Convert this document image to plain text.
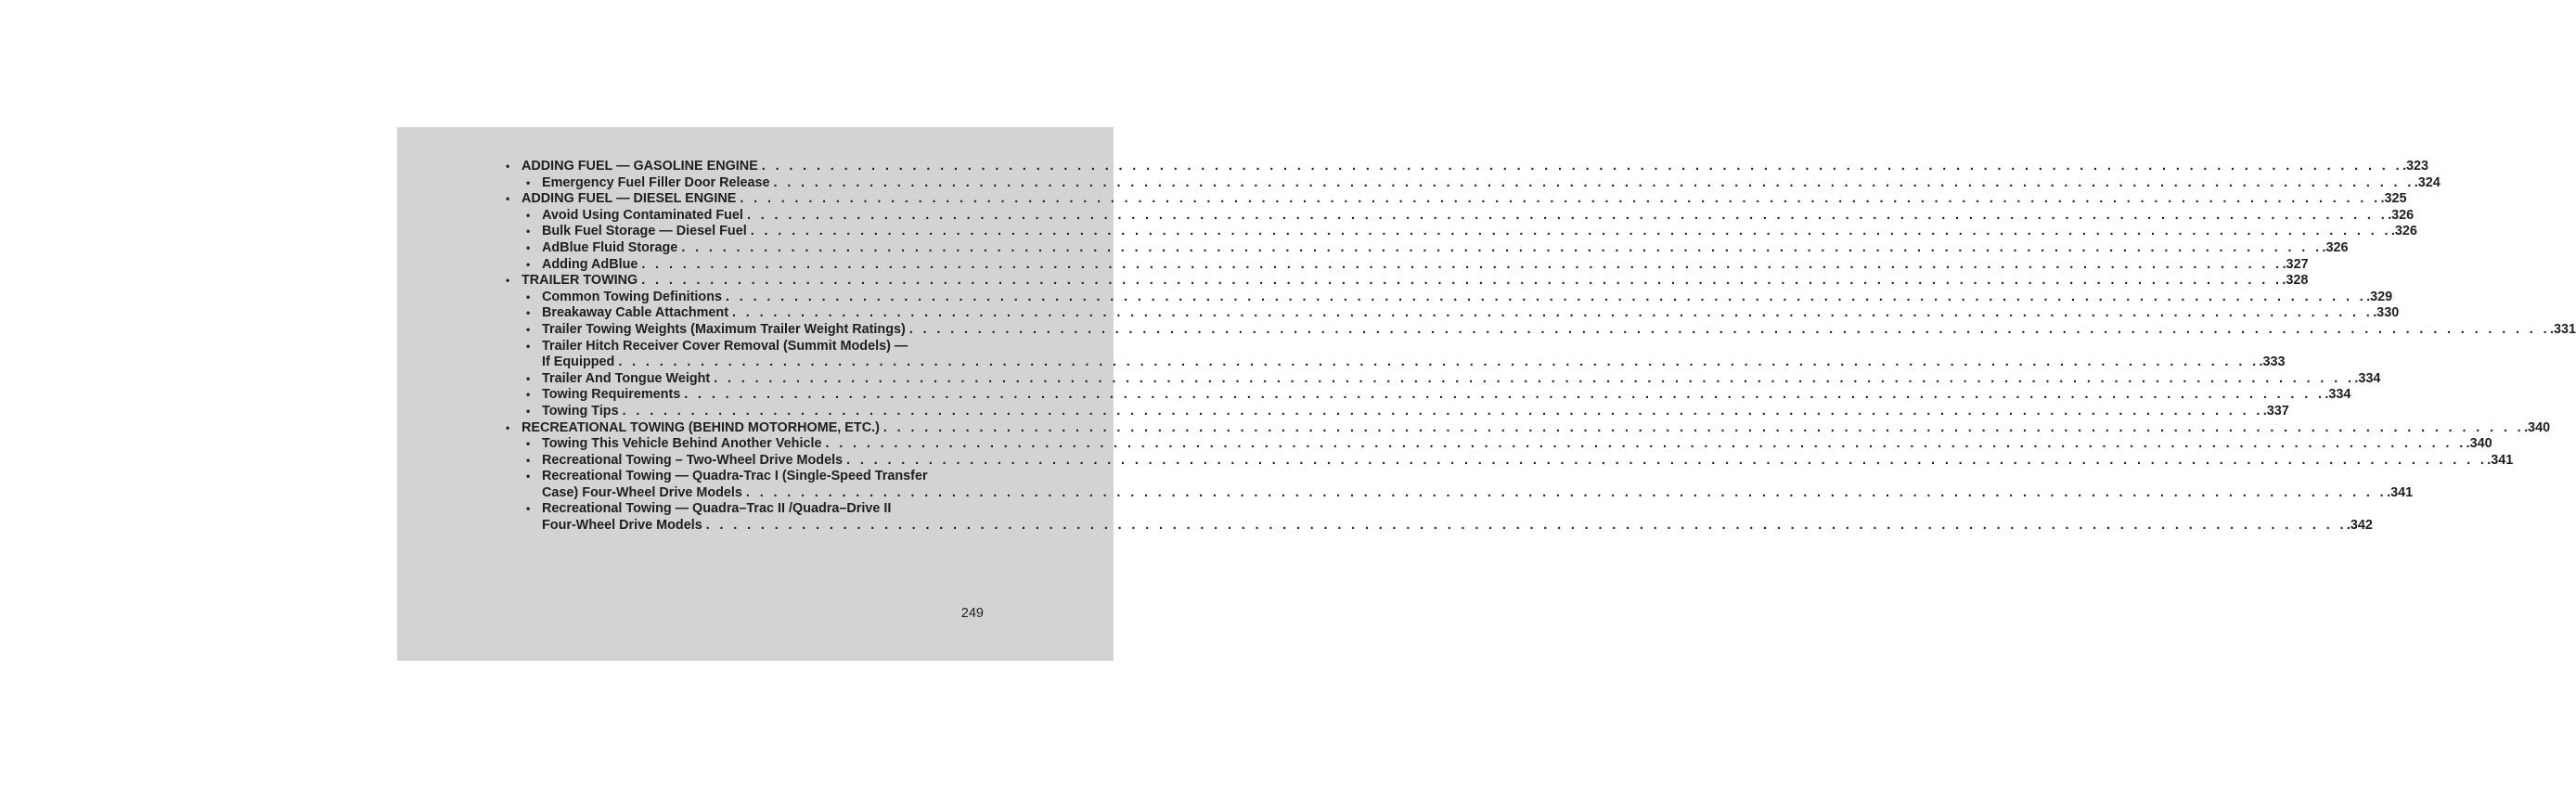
• ADDING FUEL — GASOLINE ENGINE . . . . . . . . . . . . . . . . . . . . . . . . . . . . . . . . . . . . . . . . . . . . . . . . . . . . . . . . . . . . . . . . . . . . . . . . . . . . . . . . . . . . . . . . . . . . . . . . . . . . . . . . . . . . . . . . . . . . . . . . .323
• Emergency Fuel Filler Door Release . . . . . . . . . . . . . . . . . . . . . . . . . . . . . . . . . . . . . . . . . . . . . . . . . . . . . . . . . . . . . . . . . . . . . . . . . . . . . . . . . . . . . . . . . . . . . . . . . . . . . . . . . . . . . . . . . . . . . . . . .324
• ADDING FUEL — DIESEL ENGINE . . . . . . . . . . . . . . . . . . . . . . . . . . . . . . . . . . . . . . . . . . . . . . . . . . . . . . . . . . . . . . . . . . . . . . . . . . . . . . . . . . . . . . . . . . . . . . . . . . . . . . . . . . . . . . . . . . . . . . . . .325
• Avoid Using Contaminated Fuel . . . . . . . . . . . . . . . . . . . . . . . . . . . . . . . . . . . . . . . . . . . . . . . . . . . . . . . . . . . . . . . . . . . . . . . . . . . . . . . . . . . . . . . . . . . . . . . . . . . . . . . . . . . . . . . . . . . . . . . . .326
• Bulk Fuel Storage — Diesel Fuel . . . . . . . . . . . . . . . . . . . . . . . . . . . . . . . . . . . . . . . . . . . . . . . . . . . . . . . . . . . . . . . . . . . . . . . . . . . . . . . . . . . . . . . . . . . . . . . . . . . . . . . . . . . . . . . . . . . . . . . . .326
• AdBlue Fluid Storage . . . . . . . . . . . . . . . . . . . . . . . . . . . . . . . . . . . . . . . . . . . . . . . . . . . . . . . . . . . . . . . . . . . . . . . . . . . . . . . . . . . . . . . . . . . . . . . . . . . . . . . . . . . . . . . . . . . . . . . . .326
• Adding AdBlue . . . . . . . . . . . . . . . . . . . . . . . . . . . . . . . . . . . . . . . . . . . . . . . . . . . . . . . . . . . . . . . . . . . . . . . . . . . . . . . . . . . . . . . . . . . . . . . . . . . . . . . . . . . . . . . . . . . . . . . . .327
• TRAILER TOWING . . . . . . . . . . . . . . . . . . . . . . . . . . . . . . . . . . . . . . . . . . . . . . . . . . . . . . . . . . . . . . . . . . . . . . . . . . . . . . . . . . . . . . . . . . . . . . . . . . . . . . . . . . . . . . . . . . . . . . . . .328
• Common Towing Definitions . . . . . . . . . . . . . . . . . . . . . . . . . . . . . . . . . . . . . . . . . . . . . . . . . . . . . . . . . . . . . . . . . . . . . . . . . . . . . . . . . . . . . . . . . . . . . . . . . . . . . . . . . . . . . . . . . . . . . . . . .329
• Breakaway Cable Attachment . . . . . . . . . . . . . . . . . . . . . . . . . . . . . . . . . . . . . . . . . . . . . . . . . . . . . . . . . . . . . . . . . . . . . . . . . . . . . . . . . . . . . . . . . . . . . . . . . . . . . . . . . . . . . . . . . . . . . . . . .330
• Trailer Towing Weights (Maximum Trailer Weight Ratings) . . . . . . . . . . . . . . . . . . . . . . . . . . . . . . . . . . . . . . . . . . . . . . . . . . . . . . . . . . . . . . . . . . . . . . . . . . . . . . . . . . . . . . . . . . . . . . . . . . . . . . . . . . . . . . . . . . . . . . . . .331
• Trailer Hitch Receiver Cover Removal (Summit Models) —
If Equipped . . . . . . . . . . . . . . . . . . . . . . . . . . . . . . . . . . . . . . . . . . . . . . . . . . . . . . . . . . . . . . . . . . . . . . . . . . . . . . . . . . . . . . . . . . . . . . . . . . . . . . . . . . . . . . . . . . . . . . . . .333
• Trailer And Tongue Weight . . . . . . . . . . . . . . . . . . . . . . . . . . . . . . . . . . . . . . . . . . . . . . . . . . . . . . . . . . . . . . . . . . . . . . . . . . . . . . . . . . . . . . . . . . . . . . . . . . . . . . . . . . . . . . . . . . . . . . . . .334
• Towing Requirements . . . . . . . . . . . . . . . . . . . . . . . . . . . . . . . . . . . . . . . . . . . . . . . . . . . . . . . . . . . . . . . . . . . . . . . . . . . . . . . . . . . . . . . . . . . . . . . . . . . . . . . . . . . . . . . . . . . . . . . . .334
• Towing Tips . . . . . . . . . . . . . . . . . . . . . . . . . . . . . . . . . . . . . . . . . . . . . . . . . . . . . . . . . . . . . . . . . . . . . . . . . . . . . . . . . . . . . . . . . . . . . . . . . . . . . . . . . . . . . . . . . . . . . . . . .337
• RECREATIONAL TOWING (BEHIND MOTORHOME, ETC.) . . . . . . . . . . . . . . . . . . . . . . . . . . . . . . . . . . . . . . . . . . . . . . . . . . . . . . . . . . . . . . . . . . . . . . . . . . . . . . . . . . . . . . . . . . . . . . . . . . . . . . . . . . . . . . . . . . . . . . . . .340
• Towing This Vehicle Behind Another Vehicle . . . . . . . . . . . . . . . . . . . . . . . . . . . . . . . . . . . . . . . . . . . . . . . . . . . . . . . . . . . . . . . . . . . . . . . . . . . . . . . . . . . . . . . . . . . . . . . . . . . . . . . . . . . . . . . . . . . . . . . . .340
• Recreational Towing – Two-Wheel Drive Models . . . . . . . . . . . . . . . . . . . . . . . . . . . . . . . . . . . . . . . . . . . . . . . . . . . . . . . . . . . . . . . . . . . . . . . . . . . . . . . . . . . . . . . . . . . . . . . . . . . . . . . . . . . . . . . . . . . . . . . . .341
• Recreational Towing — Quadra-Trac I (Single-Speed Transfer
Case) Four-Wheel Drive Models . . . . . . . . . . . . . . . . . . . . . . . . . . . . . . . . . . . . . . . . . . . . . . . . . . . . . . . . . . . . . . . . . . . . . . . . . . . . . . . . . . . . . . . . . . . . . . . . . . . . . . . . . . . . . . . . . . . . . . . . .341
• Recreational Towing — Quadra–Trac II /Quadra–Drive II
Four-Wheel Drive Models . . . . . . . . . . . . . . . . . . . . . . . . . . . . . . . . . . . . . . . . . . . . . . . . . . . . . . . . . . . . . . . . . . . . . . . . . . . . . . . . . . . . . . . . . . . . . . . . . . . . . . . . . . . . . . . . . . . . . . . . .342
249
